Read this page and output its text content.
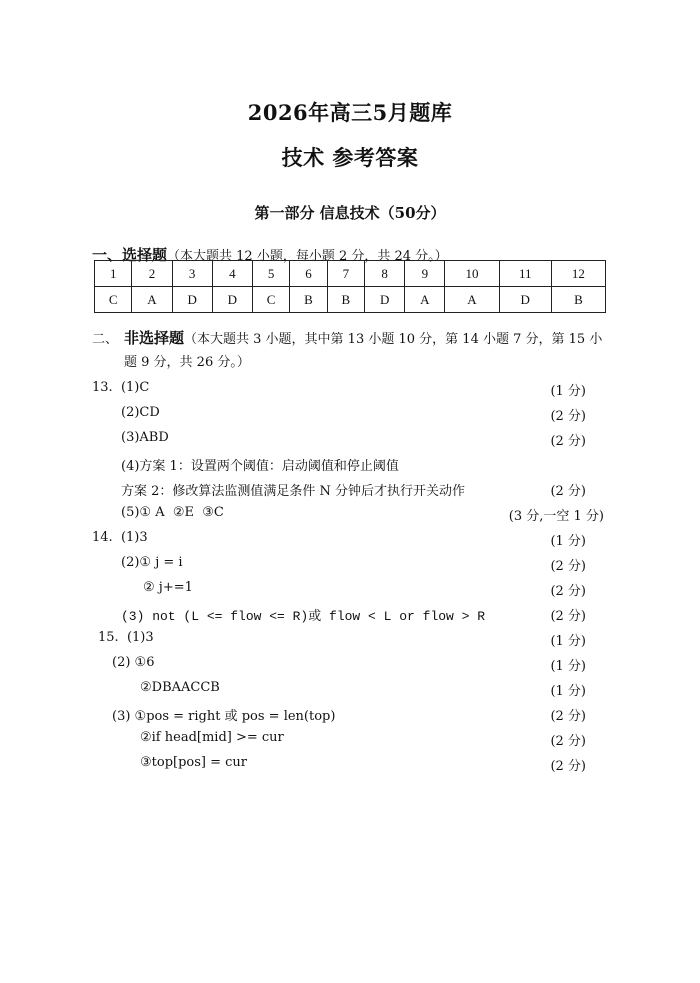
2026年高三5月题库
技术 参考答案
第一部分 信息技术（50分）
一、选择题（本大题共 12 小题，每小题 2 分，共 24 分。）
1	2	3	4	5	6	7	8	9	10	11	12
C	A	D	D	C	B	B	D	A	A	D	B
二、 非选择题（本大题共 3 小题，其中第 13 小题 10 分，第 14 小题 7 分，第 15 小
题 9 分，共 26 分。）
13.  (1)C	(1 分)
(2)CD	(2 分)
(3)ABD	(2 分)
(4)方案 1：设置两个阈值：启动阈值和停止阈值
方案 2：修改算法监测值满足条件 N 分钟后才执行开关动作	(2 分)
(5)① A  ②E  ③C	(3 分,一空 1 分)
14.  (1)3	(1 分)
(2)① j = i	(2 分)
② j+=1	(2 分)
(3) not (L <= flow <= R)或 flow < L or flow > R	(2 分)
15.  (1)3	(1 分)
(2) ①6	(1 分)
②DBAACCB	(1 分)
(3) ①pos = right 或 pos = len(top)	(2 分)
②if head[mid] >= cur	(2 分)
③top[pos] = cur	(2 分)
